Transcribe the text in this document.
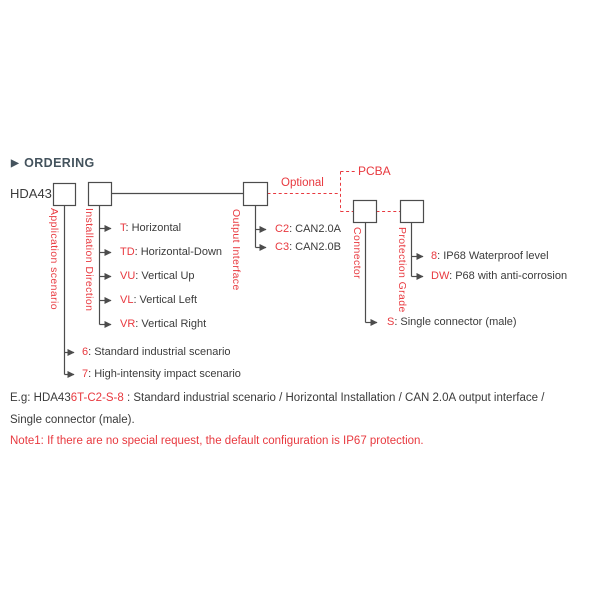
▶ ORDERING
HDA43
Optional
PCBA
Application scenario Installation Direction	Output Interface	Connector	Protection Grade
T: Horizontal
TD: Horizontal-Down
VU: Vertical Up
VL: Vertical Left
VR: Vertical Right
6: Standard industrial scenario
7: High-intensity impact scenario
C2: CAN2.0A
C3: CAN2.0B
S: Single connector (male)
8: IP68 Waterproof level
DW: P68 with anti-corrosion
E.g: HDA436T-C2-S-8 : Standard industrial scenario / Horizontal Installation / CAN 2.0A output interface /
Single connector (male).
Note1: If there are no special request, the default configuration is IP67 protection.
